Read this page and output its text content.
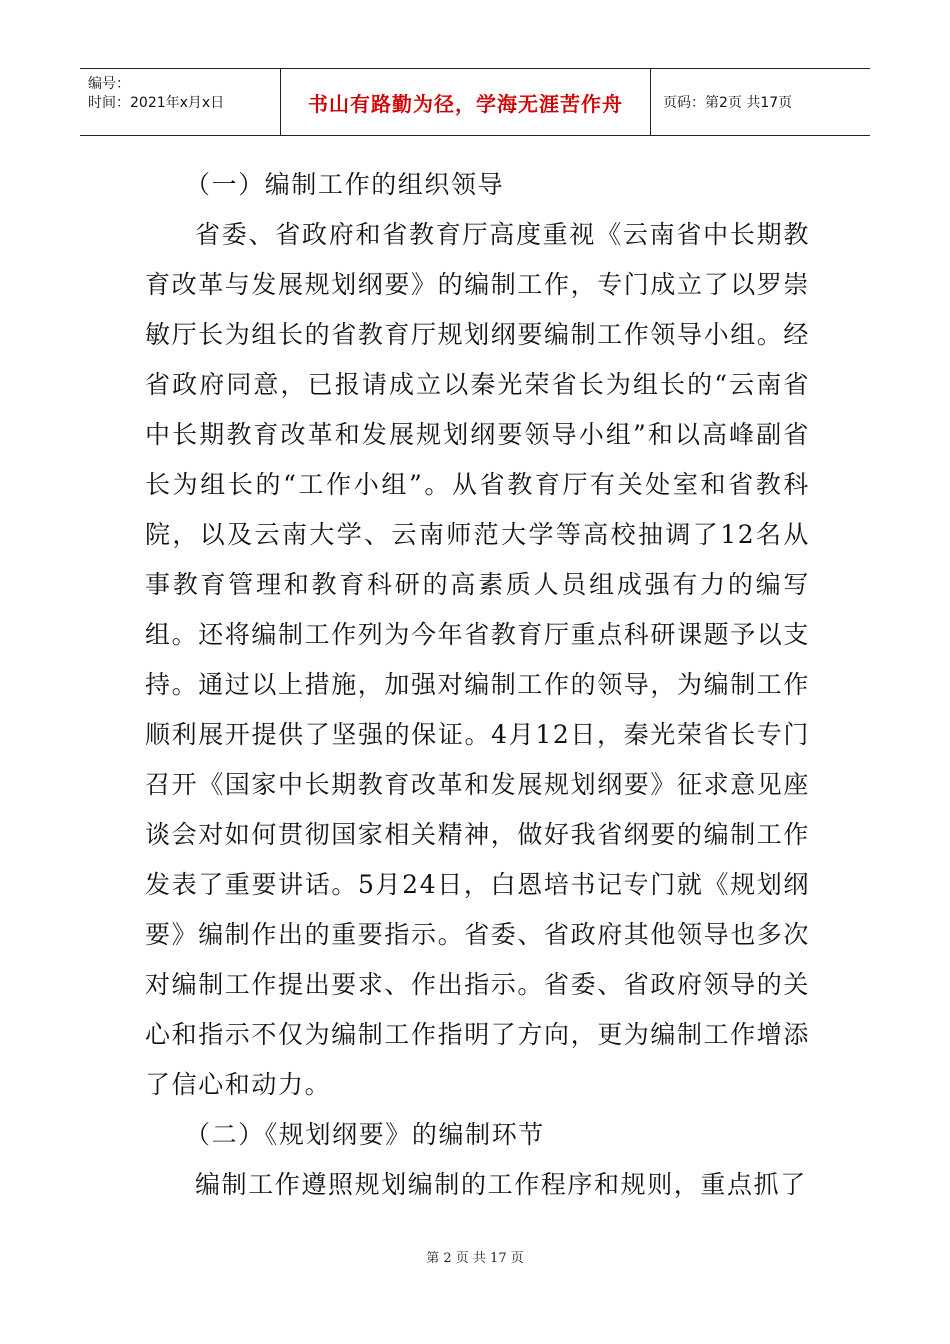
编号：
时间：2021年x月x日	书山有路勤为径，学海无涯苦作舟	页码：第2页 共17页

（一）编制工作的组织领导

省委、省政府和省教育厅高度重视《云南省中长期教育改革与发展规划纲要》的编制工作，专门成立了以罗崇敏厅长为组长的省教育厅规划纲要编制工作领导小组。经省政府同意，已报请成立以秦光荣省长为组长的“云南省中长期教育改革和发展规划纲要领导小组”和以高峰副省长为组长的“工作小组”。从省教育厅有关处室和省教科院，以及云南大学、云南师范大学等高校抽调了12名从事教育管理和教育科研的高素质人员组成强有力的编写组。还将编制工作列为今年省教育厅重点科研课题予以支持。通过以上措施，加强对编制工作的领导，为编制工作顺利展开提供了坚强的保证。4月12日，秦光荣省长专门召开《国家中长期教育改革和发展规划纲要》征求意见座谈会对如何贯彻国家相关精神，做好我省纲要的编制工作发表了重要讲话。5月24日，白恩培书记专门就《规划纲要》编制作出的重要指示。省委、省政府其他领导也多次对编制工作提出要求、作出指示。省委、省政府领导的关心和指示不仅为编制工作指明了方向，更为编制工作增添了信心和动力。

（二）《规划纲要》的编制环节

编制工作遵照规划编制的工作程序和规则，重点抓了

第 2 页 共 17 页
